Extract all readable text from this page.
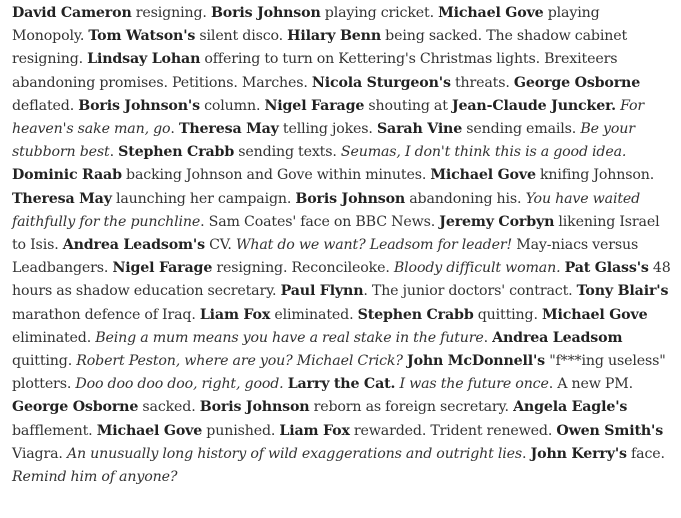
David Cameron resigning. Boris Johnson playing cricket. Michael Gove playing Monopoly. Tom Watson's silent disco. Hilary Benn being sacked. The shadow cabinet resigning. Lindsay Lohan offering to turn on Kettering's Christmas lights. Brexiteers abandoning promises. Petitions. Marches. Nicola Sturgeon's threats. George Osborne deflated. Boris Johnson's column. Nigel Farage shouting at Jean-Claude Juncker. For heaven's sake man, go. Theresa May telling jokes. Sarah Vine sending emails. Be your stubborn best. Stephen Crabb sending texts. Seumas, I don't think this is a good idea. Dominic Raab backing Johnson and Gove within minutes. Michael Gove knifing Johnson. Theresa May launching her campaign. Boris Johnson abandoning his. You have waited faithfully for the punchline. Sam Coates' face on BBC News. Jeremy Corbyn likening Israel to Isis. Andrea Leadsom's CV. What do we want? Leadsom for leader! May-niacs versus Leadbangers. Nigel Farage resigning. Reconcileoke. Bloody difficult woman. Pat Glass's 48 hours as shadow education secretary. Paul Flynn. The junior doctors' contract. Tony Blair's marathon defence of Iraq. Liam Fox eliminated. Stephen Crabb quitting. Michael Gove eliminated. Being a mum means you have a real stake in the future. Andrea Leadsom quitting. Robert Peston, where are you? Michael Crick? John McDonnell's "f***ing useless" plotters. Doo doo doo doo, right, good. Larry the Cat. I was the future once. A new PM. George Osborne sacked. Boris Johnson reborn as foreign secretary. Angela Eagle's bafflement. Michael Gove punished. Liam Fox rewarded. Trident renewed. Owen Smith's Viagra. An unusually long history of wild exaggerations and outright lies. John Kerry's face. Remind him of anyone?
